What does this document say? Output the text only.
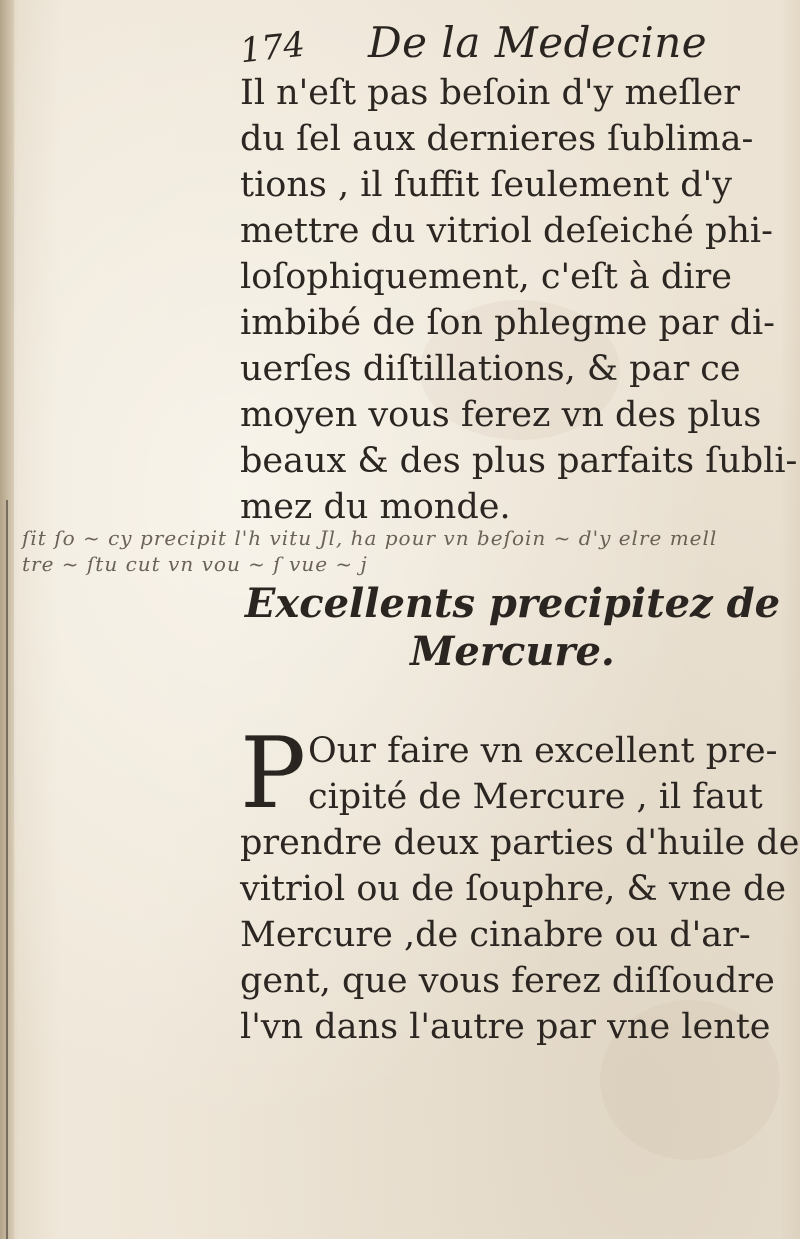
174 De la Medecine
Il n'eſt pas beſoin d'y meſler
du ſel aux dernieres ſublima-
tions , il ſuffit ſeulement d'y
mettre du vitriol deſeiché phi-
loſophiquement, c'eſt à dire
imbibé de ſon phlegme par di-
uerſes diſtillations, & par ce
moyen vous ferez vn des plus
beaux & des plus parfaits ſubli-
mez du monde.
ſit ſo ~ cy precipit l'h vitu Jl, ha pour vn beſoin ~ d'y elre mell
tre ~ ſtu cut vn vou ~ ſ vue ~ j
Excellents precipitez de
Mercure.
P Our faire vn excellent pre-
cipité de Mercure , il faut
prendre deux parties d'huile de
vitriol ou de ſouphre, & vne de
Mercure ,de cinabre ou d'ar-
gent, que vous ferez diſſoudre
l'vn dans l'autre par vne lente
